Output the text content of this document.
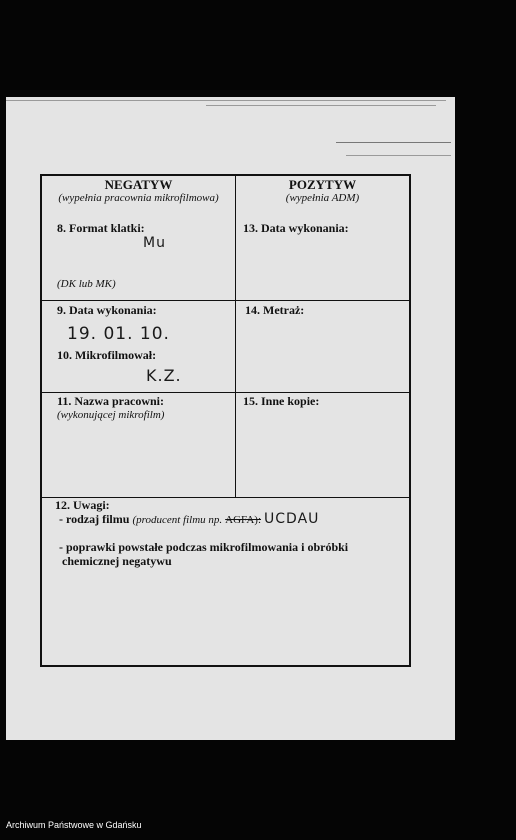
NEGATYW
(wypełnia pracownia mikrofilmowa)
POZYTYW
(wypełnia ADM)
8. Format klatki:
Mu
(DK lub MK)
13. Data wykonania:
9. Data wykonania:
19. 01. 10.
10. Mikrofilmował:
K.Z.
14. Metraż:
11. Nazwa pracowni:
(wykonującej mikrofilm)
15. Inne kopie:
12. Uwagi:
- rodzaj filmu (producent filmu np. AGFA): UCDAU
- poprawki powstałe podczas mikrofilmowania i obróbki
chemicznej negatywu
Archiwum Państwowe w Gdańsku
